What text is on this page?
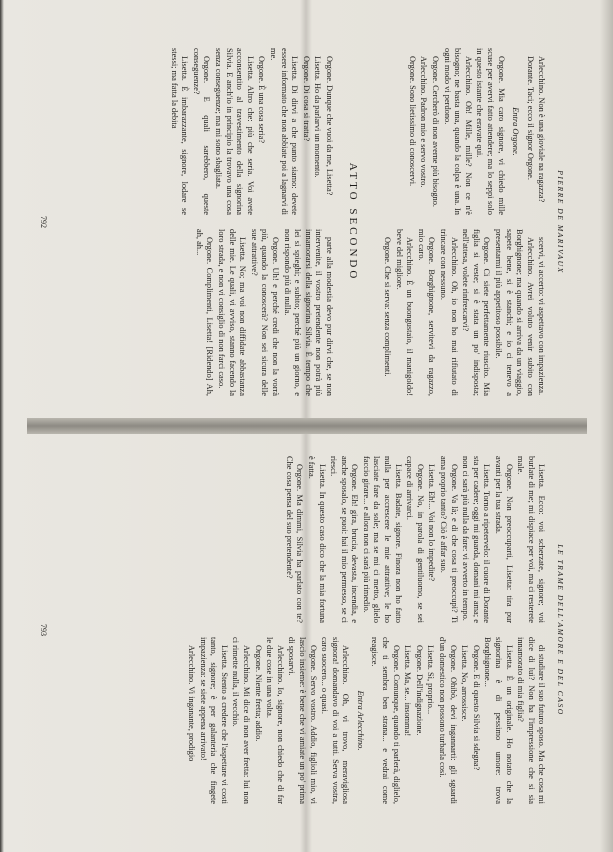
PIERRE DE MARIVAUX

Arlecchino. Non è una gioviale na ragazza?

Dorante. Taci; ecco il signor Orgone.

Entra Orgone.

Orgone. Mia caro signore, vi chiedo mille scuse per avervi fatto attendere; ma lo seppi solo in questo istante che eravate qui.

Arlecchino. Oh! Mille, mille? Non ce n'è bisogno; ne basta una, quando la colpa è una. In ogni modo vi perdono.

Orgone. Cercherò di non averne più bisogno.

Arlecchino. Padron mio e servo vostro.

Orgone. Sono lietissimo di conoscervi.

scervi, vi accerto: vi aspettavo con impazienza.

Arlecchino. Avrei voluto venir subito con Borghignone; ma quando si arriva da un viaggio, sapete bene, si è stanchi; e io ci tenevo a presentarmi il più appetitoso possibile.

Orgone. Ci siete perfettamente riuscito. Mia figlia si veste; si è stata un po' indisposta; nell'attesa, volete rinfrescarvi?

Arlecchino. Oh, io non ho mai rifiutato di trincare con nessuno.

Orgone. Borghignone, servitevi da ragazzo, mio caro.

Arlecchino. È un buongustaio, il manigoldo! beve del migliore.

Orgone. Che si serva: senza complimenti.

ATTO SECONDO

Orgone. Dunque che vuoi da me, Lisetta?

Lisetta. Ho da parlarvi un momento.

Orgone. Di cosa si tratta?

Lisetta. Di dirvi a che punto siamo: devete essere informato che non abbiate poi a lagnarvi di me.

Orgone. È una cosa seria?

Lisetta. Altro che: più che seria. Voi avete acconsentito al travestimento della signorina Silvia. E anch'io in principio la trovavo una cosa senza conseguenze; ma mi sono sbagliata.

Orgone. E quali sarebbero, queste conseguenze?

Lisetta. È imbarazzante, signore, lodare se stessi; ma fatta la debita

parte alla modestia devo pur dirvi che, se non intervenite, il vostro pretendente non potrà più innamorarsi della signorina Silvia. È tempo che lei si spieghi; e subito; perché più un giorno, e non rispondo più di nulla.

Orgone. Uh! e perché credi che non la vorrà più, quando la conoscerà? Non sei sicura delle sue attrattive?

Lisetta. No; ma voi non diffidate abbastanza delle mie. Le quali, vi avviso, stanno facendo la loro strada, e non vi consiglio di non farci caso.

Orgone. Complimenti, Lisetta! [Ridendo] Ah, ah, ah...

792
LE TRAME DELL'AMORE E DEL CASO

Lisetta. Ecco: voi scherzate, signore; voi burlate di me; mi dispiace per voi, ma ci resterete male.

Orgone. Non preoccuparti, Lisetta: tira pur avanti per la tua strada.

Lisetta. Torno a ripetervelo: il cuore di Dorante sta per cadere; oggi mi guarda, domani mi ama; e non ci sarà più nulla da fare: vi avverto in tempo.

Orgone. Va là; e di che cosa ti preoccupi? Ti ama proprio tanto? Ciò è affar suo.

Lisetta. Eh!... Voi non lo impedite?

Orgone. No, in parola di gentiluomo, se sei capace di arrivarci.

Lisetta. Badate, signore. Finora non ho fatto nulla per accrescere le mie attrattive; le ho lasciate fare da sole; ma se mi ci metto, glielo faccio girare... e allora non ci sarà più rimedio.

Orgone. Eh! gira, brucia, devasta, incendia, e anche sposalo, se puoi: hai il mio permesso, se ci riesci.

Lisetta. In questo caso dico che la mia fortuna è fatta.

Orgone. Ma dimmi, Silvia ha parlato con te? Che cosa pensa del suo pretendente?

di studiare il suo futuro sposo. Ma che cosa mi dice di lui? Non ha l'impressione che si sia innamorato di mia figlia?

Lisetta. È un originale. Ho notato che la signorina è di pessimo umore: trova Borghignone...

Orgone. E di questo Silvia si sdegna?

Lisetta. No, arrossisce.

Orgone. Ohibò, devi ingannarti: gli sguardi d'un domestico non possono turbarla così.

Lisetta. Sì, proprio...

Orgone. Dell'indignazione.

Lisetta. Ma, se... insomma!

Orgone. Comunque, quando ti parlerà, diglielo, che ti sembra ben strana... e vedrai come reagisce.

Entra Arlecchino.

Arlecchino. Oh, vi trovo, meravigliosa signora! domandavo di voi a tutti. Serva vostra, caro suocero... o quasi.

Orgone. Servo vostro. Addio, figlioli mio, vi lascio insieme: è bene che vi amiate un po' prima di sposarvi.

Arlecchino. Io, signore, non chiedo che di far le due cose in una volta.

Orgone. Niente fretta; addio.

Arlecchino. Mi dice di non aver fretta: lui non ci rimette nulla, il vecchio.

Lisetta. Stento a credere che l'aspettare vi costi tanto, signore; è per galanteria che fingete impazienza: se siete appena arrivato!

Arlecchino. Vi inganante, prodigio

793
